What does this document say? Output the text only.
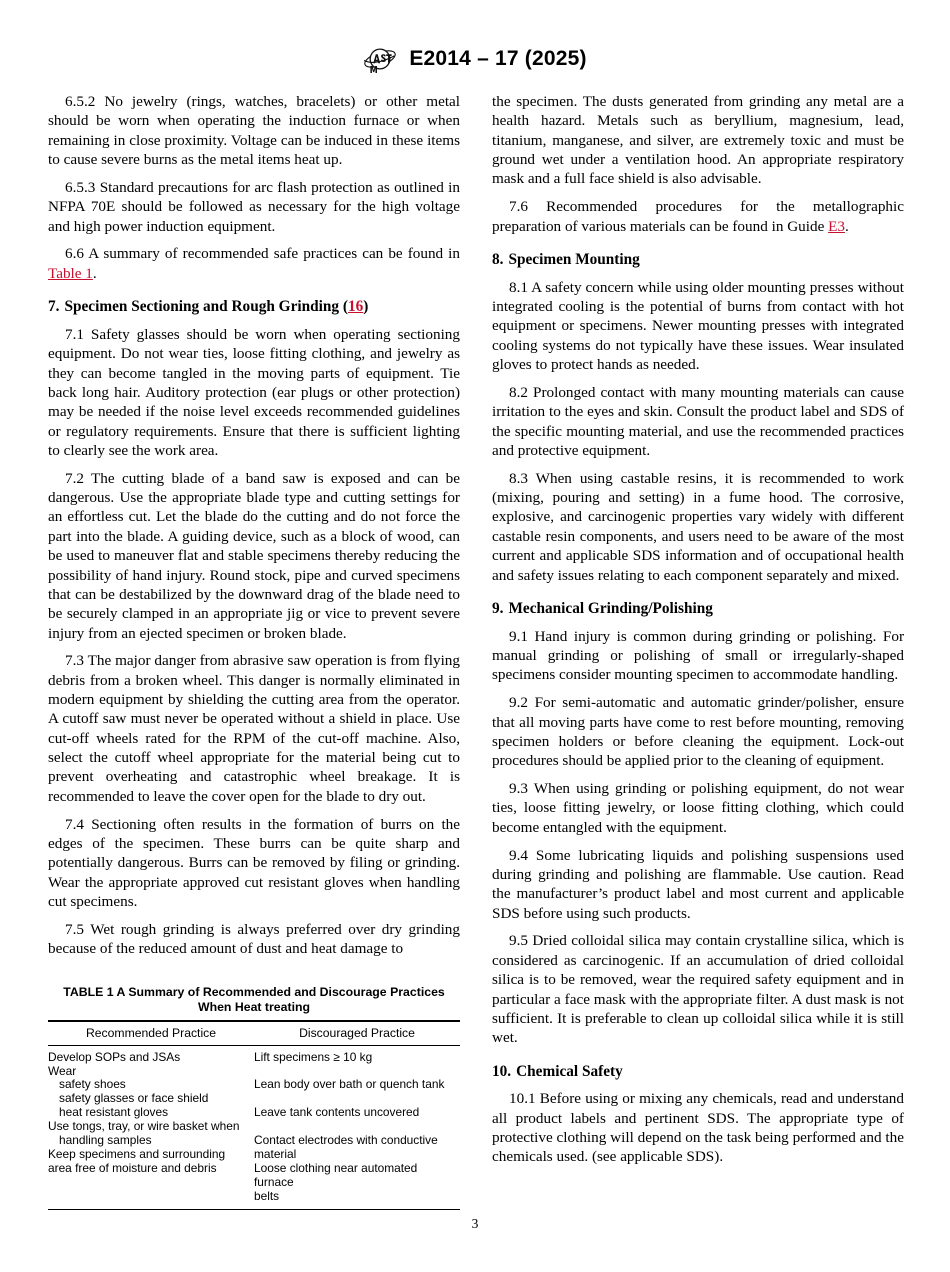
E2014 – 17 (2025)

6.5.2 No jewelry (rings, watches, bracelets) or other metal should be worn when operating the induction furnace or when remaining in close proximity. Voltage can be induced in these items to cause severe burns as the metal items heat up.

6.5.3 Standard precautions for arc flash protection as outlined in NFPA 70E should be followed as necessary for the high voltage and high power induction equipment.

6.6 A summary of recommended safe practices can be found in Table 1.

7. Specimen Sectioning and Rough Grinding (16)

7.1 Safety glasses should be worn when operating sectioning equipment. Do not wear ties, loose fitting clothing, and jewelry as they can become tangled in the moving parts of equipment. Tie back long hair. Auditory protection (ear plugs or other protection) may be needed if the noise level exceeds recommended guidelines or regulatory requirements. Ensure that there is sufficient lighting to clearly see the work area.

7.2 The cutting blade of a band saw is exposed and can be dangerous. Use the appropriate blade type and cutting settings for an effortless cut. Let the blade do the cutting and do not force the part into the blade. A guiding device, such as a block of wood, can be used to maneuver flat and stable specimens thereby reducing the possibility of hand injury. Round stock, pipe and curved specimens that can be destabilized by the downward drag of the blade need to be securely clamped in an appropriate jig or vice to prevent severe injury from an ejected specimen or broken blade.

7.3 The major danger from abrasive saw operation is from flying debris from a broken wheel. This danger is normally eliminated in modern equipment by shielding the cutting area from the operator. A cutoff saw must never be operated without a shield in place. Use cut-off wheels rated for the RPM of the cut-off machine. Also, select the cutoff wheel appropriate for the material being cut to prevent overheating and catastrophic wheel breakage. It is recommended to leave the cover open for the blade to dry out.

7.4 Sectioning often results in the formation of burrs on the edges of the specimen. These burrs can be quite sharp and potentially dangerous. Burrs can be removed by filing or grinding. Wear the appropriate approved cut resistant gloves when handling cut specimens.

7.5 Wet rough grinding is always preferred over dry grinding because of the reduced amount of dust and heat damage to

TABLE 1 A Summary of Recommended and Discourage Practices
When Heat treating
Recommended Practice	Discouraged Practice
Develop SOPs and JSAs
Wear
safety shoes
safety glasses or face shield
heat resistant gloves
Use tongs, tray, or wire basket when
handling samples
Keep specimens and surrounding
area free of moisture and debris
Lift specimens ≥ 10 kg

Lean body over bath or quench tank

Leave tank contents uncovered

Contact electrodes with conductive
material
Loose clothing near automated furnace
belts

the specimen. The dusts generated from grinding any metal are a health hazard. Metals such as beryllium, magnesium, lead, titanium, manganese, and silver, are extremely toxic and must be ground wet under a ventilation hood. An appropriate respiratory mask and a full face shield is also advisable.

7.6 Recommended procedures for the metallographic preparation of various materials can be found in Guide E3.

8. Specimen Mounting

8.1 A safety concern while using older mounting presses without integrated cooling is the potential of burns from contact with hot equipment or specimens. Newer mounting presses with integrated cooling systems do not typically have these issues. Wear insulated gloves to protect hands as needed.

8.2 Prolonged contact with many mounting materials can cause irritation to the eyes and skin. Consult the product label and SDS of the specific mounting material, and use the recommended practices and protective equipment.

8.3 When using castable resins, it is recommended to work (mixing, pouring and setting) in a fume hood. The corrosive, explosive, and carcinogenic properties vary widely with different castable resin components, and users need to be aware of the most current and applicable SDS information and of occupational health and safety issues relating to each component separately and mixed.

9. Mechanical Grinding/Polishing

9.1 Hand injury is common during grinding or polishing. For manual grinding or polishing of small or irregularly-shaped specimens consider mounting specimen to accommodate handling.

9.2 For semi-automatic and automatic grinder/polisher, ensure that all moving parts have come to rest before mounting, removing specimen holders or before cleaning the equipment. Lock-out procedures should be applied prior to the cleaning of equipment.

9.3 When using grinding or polishing equipment, do not wear ties, loose fitting jewelry, or loose fitting clothing, which could become entangled with the equipment.

9.4 Some lubricating liquids and polishing suspensions used during grinding and polishing are flammable. Use caution. Read the manufacturer’s product label and most current and applicable SDS before using such products.

9.5 Dried colloidal silica may contain crystalline silica, which is considered as carcinogenic. If an accumulation of dried colloidal silica is to be removed, wear the required safety equipment and in particular a face mask with the appropriate filter. A dust mask is not sufficient. It is preferable to clean up colloidal silica while it is still wet.

10. Chemical Safety

10.1 Before using or mixing any chemicals, read and understand all product labels and pertinent SDS. The appropriate type of protective clothing will depend on the task being performed and the chemicals used. (see applicable SDS).

3
